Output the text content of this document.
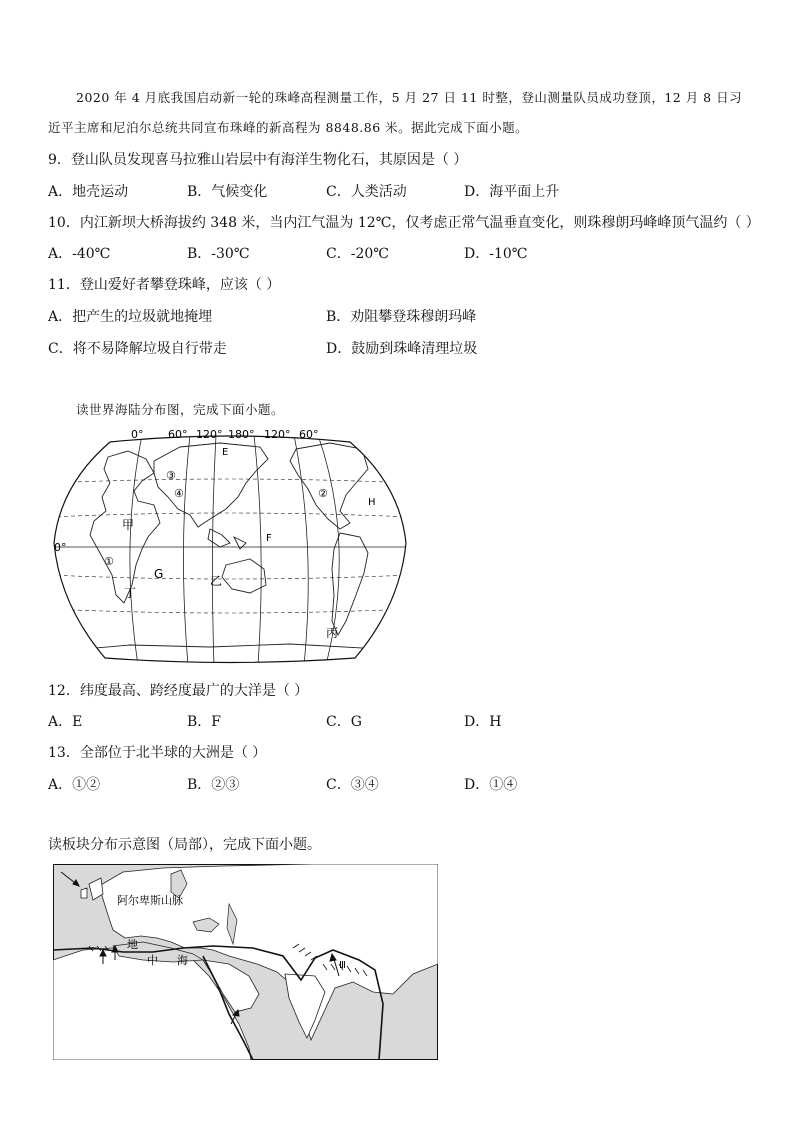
2020 年 4 月底我国启动新一轮的珠峰高程测量工作，5 月 27 日 11 时整，登山测量队员成功登顶，12 月 8 日习
近平主席和尼泊尔总统共同宣布珠峰的新高程为 8848.86 米。据此完成下面小题。
9．登山队员发现喜马拉雅山岩层中有海洋生物化石，其原因是（ ）
A．地壳运动	B．气候变化	C．人类活动	D．海平面上升
10．内江新坝大桥海拔约 348 米，当内江气温为 12℃，仅考虑正常气温垂直变化，则珠穆朗玛峰峰顶气温约（ ）
A．-40℃	B．-30℃	C．-20℃	D．-10℃
11．登山爱好者攀登珠峰，应该（ ）
A．把产生的垃圾就地掩埋	B．劝阻攀登珠穆朗玛峰
C．将不易降解垃圾自行带走	D．鼓励到珠峰清理垃圾
读世界海陆分布图，完成下面小题。
0° 60° 120° 180° 120° 60°
0°
E
F
G
H
甲
乙
丙
丁
①
②
③
④
12．纬度最高、跨经度最广的大洋是（ ）
A．E	B．F	C．G	D．H
13．全部位于北半球的大洲是（ ）
A．①②	B．②③	C．③④	D．①④
读板块分布示意图（局部），完成下面小题。
阿尔卑斯山脉
地
中 海	Ⅲ
